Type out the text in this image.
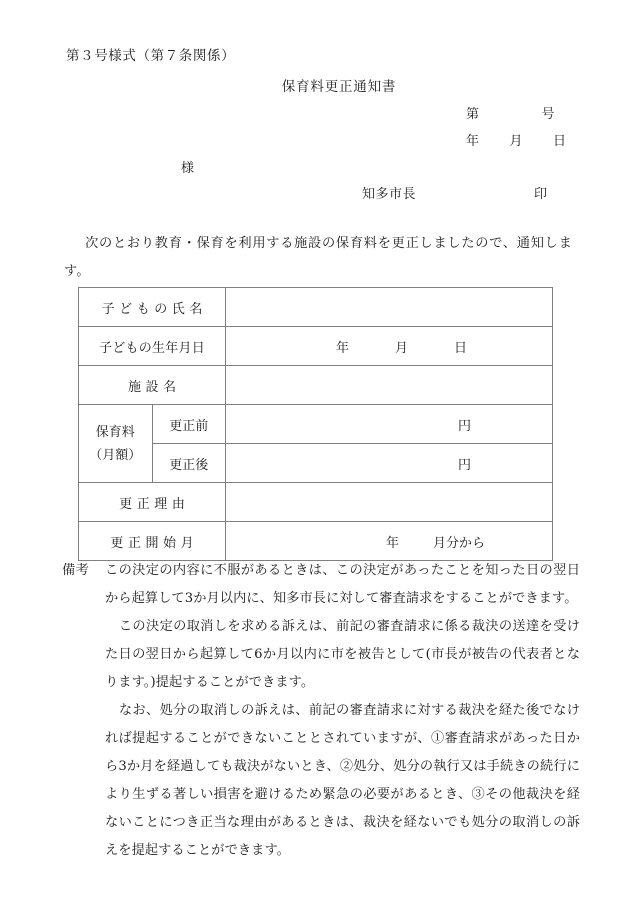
第３号様式（第７条関係）
保育料更正通知書
第	号
年 月 日
様
知多市長	印
次のとおり教育・保育を利用する施設の保育料を更正しましたので、通知します。
子どもの氏名		

子どもの生年月日		年 月 日

施設名		

保育料
（月額）	更正前	円

	更正後	円

更正理由		

更正開始月		年 月分から
備考 この決定の内容に不服があるときは、この決定があったことを知った日の翌日から起算して3か月以内に、知多市長に対して審査請求をすることができます。

この決定の取消しを求める訴えは、前記の審査請求に係る裁決の送達を受けた日の翌日から起算して6か月以内に市を被告として(市長が被告の代表者となります。)提起することができます。

なお、処分の取消しの訴えは、前記の審査請求に対する裁決を経た後でなければ提起することができないこととされていますが、①審査請求があった日から3か月を経過しても裁決がないとき、②処分、処分の執行又は手続きの続行により生ずる著しい損害を避けるため緊急の必要があるとき、③その他裁決を経ないことにつき正当な理由があるときは、裁決を経ないでも処分の取消しの訴えを提起することができます。
